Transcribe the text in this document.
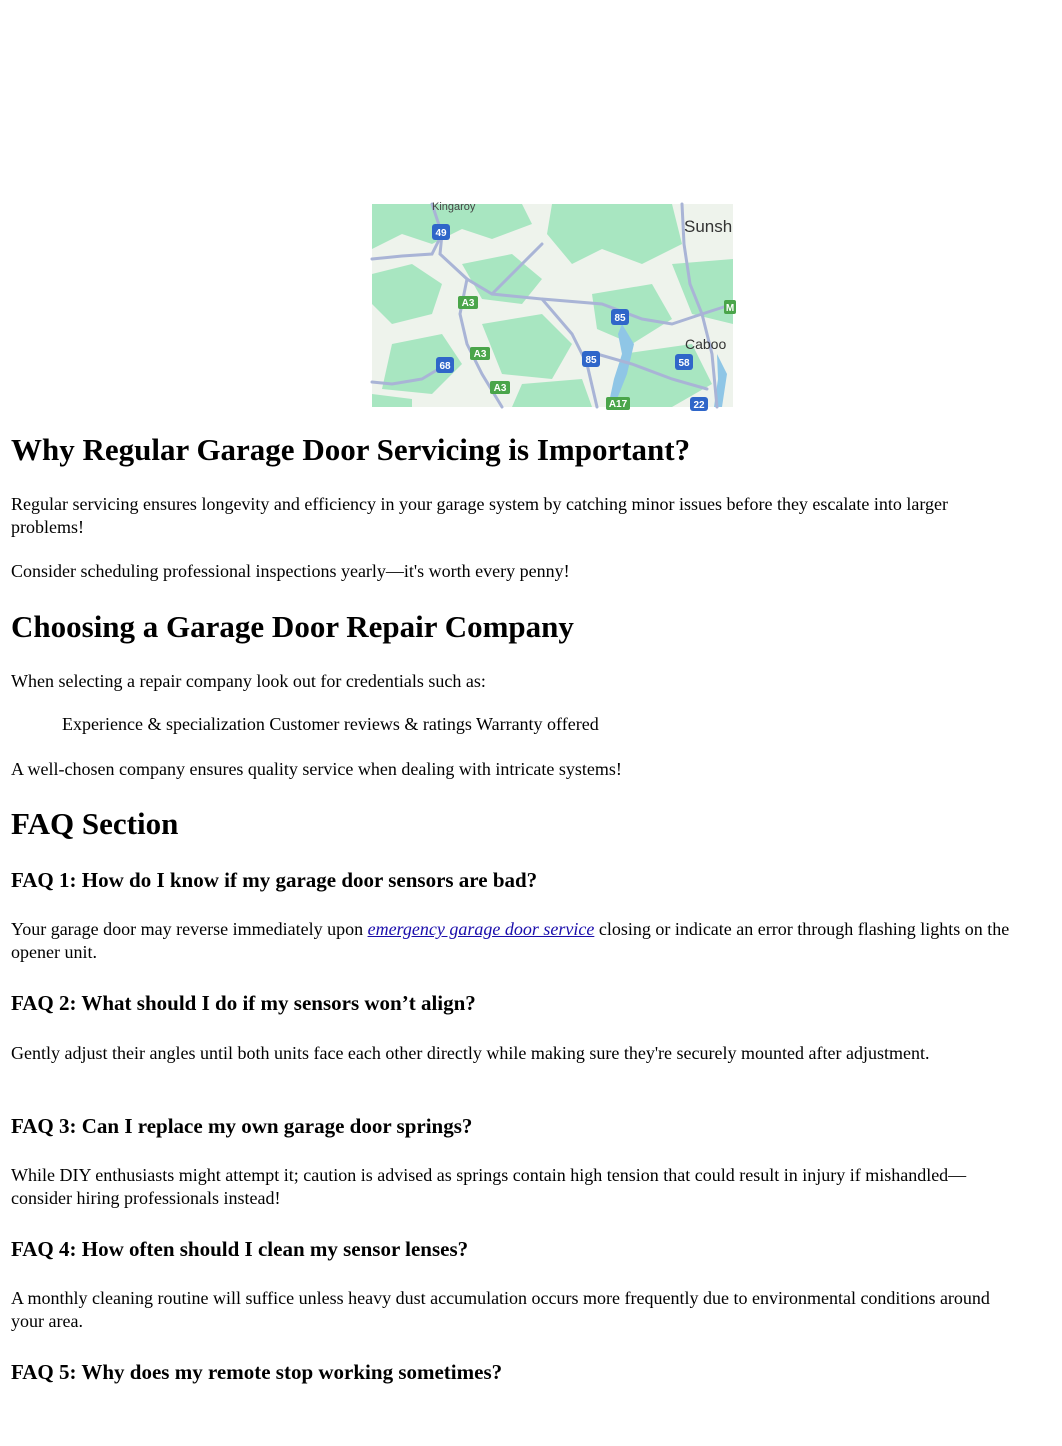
Kingaroy
Sunsh
Caboo
49
A3
A3
A3
68
85
85	58
M
A17	22
Why Regular Garage Door Servicing is Important?

Regular servicing ensures longevity and efficiency in your garage system by catching minor issues before they escalate into larger problems!

Consider scheduling professional inspections yearly—it's worth every penny!

Choosing a Garage Door Repair Company

When selecting a repair company look out for credentials such as:

Experience & specialization Customer reviews & ratings Warranty offered

A well-chosen company ensures quality service when dealing with intricate systems!

FAQ Section
FAQ 1: How do I know if my garage door sensors are bad?

Your garage door may reverse immediately upon emergency garage door service closing or indicate an error through flashing lights on the opener unit.

FAQ 2: What should I do if my sensors won’t align?

Gently adjust their angles until both units face each other directly while making sure they're securely mounted after adjustment.

FAQ 3: Can I replace my own garage door springs?

While DIY enthusiasts might attempt it; caution is advised as springs contain high tension that could result in injury if mishandled—consider hiring professionals instead!

FAQ 4: How often should I clean my sensor lenses?

A monthly cleaning routine will suffice unless heavy dust accumulation occurs more frequently due to environmental conditions around your area.

FAQ 5: Why does my remote stop working sometimes?
